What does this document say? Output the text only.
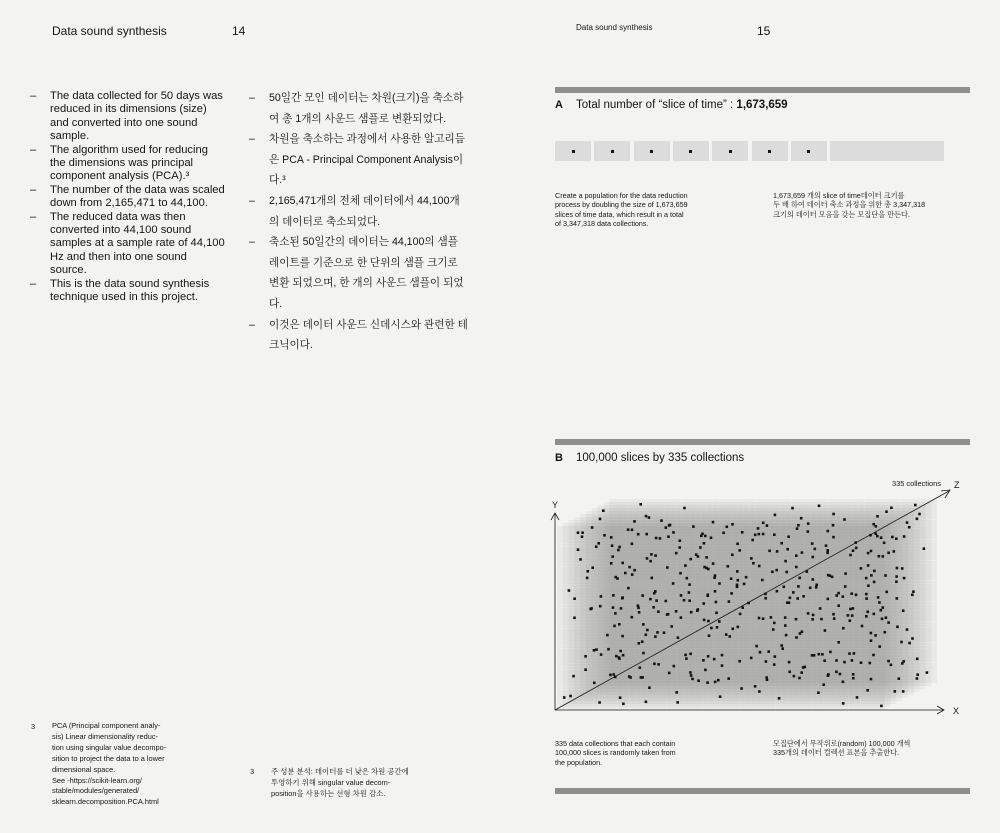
Data sound synthesis	14
– The data collected for 50 days was reduced in its dimensions (size) and converted into one sound sample.
– The algorithm used for reducing the dimensions was principal component analysis (PCA).³
– The number of the data was scaled down from 2,165,471 to 44,100.
– The reduced data was then converted into 44,100 sound samples at a sample rate of 44,100 Hz and then into one sound source.
– This is the data sound synthesis technique used in this project.
– 50일간 모인 데이터는 차원(크기)을 축소하여 총 1개의 사운드 샘플로 변환되었다.
– 차원을 축소하는 과정에서 사용한 알고리듬은 PCA - Principal Component Analysis이다.³
– 2,165,471개의 전체 데이터에서 44,100개의 데이터로 축소되었다.
– 축소된 50일간의 데이터는 44,100의 샘플 레이트를 기준으로 한 단위의 샘플 크기로 변환 되었으며, 한 개의 사운드 샘플이 되었다.
– 이것은 데이터 사운드 신데시스와 관련한 테크닉이다.
3 PCA (Principal component analy-
sis) Linear dimensionality reduc-
tion using singular value decompo-
sition to project the data to a lower
dimensional space.
See -https://scikit-learn.org/
stable/modules/generated/
sklearn.decomposition.PCA.html
3 주 성분 분석: 데이터를 더 낮은 차원 공간에
투영하기 위해 singular value decom-
position을 사용하는 선형 차원 감소.
Data sound synthesis	15
A Total number of “slice of time” : 1,673,659
Create a population for the data reduction
process by doubling the size of 1,673,659
slices of time data, which result in a total
of 3,347,318 data collections.
1,673,659 개의 slice of time데이터 크기를
두 배 하여 데이터 축소 과정을 위한 총 3,347,318
크기의 데이터 모음을 갖는 모집단을 만든다.
B 100,000 slices by 335 collections
335 collections
Y
X
Z
335 data collections that each contain
100,000 slices is randomly taken from
the population.
모집단에서 무작위로(random) 100,000 개씩
335개의 데이터 컬렉션 표본을 추출한다.
